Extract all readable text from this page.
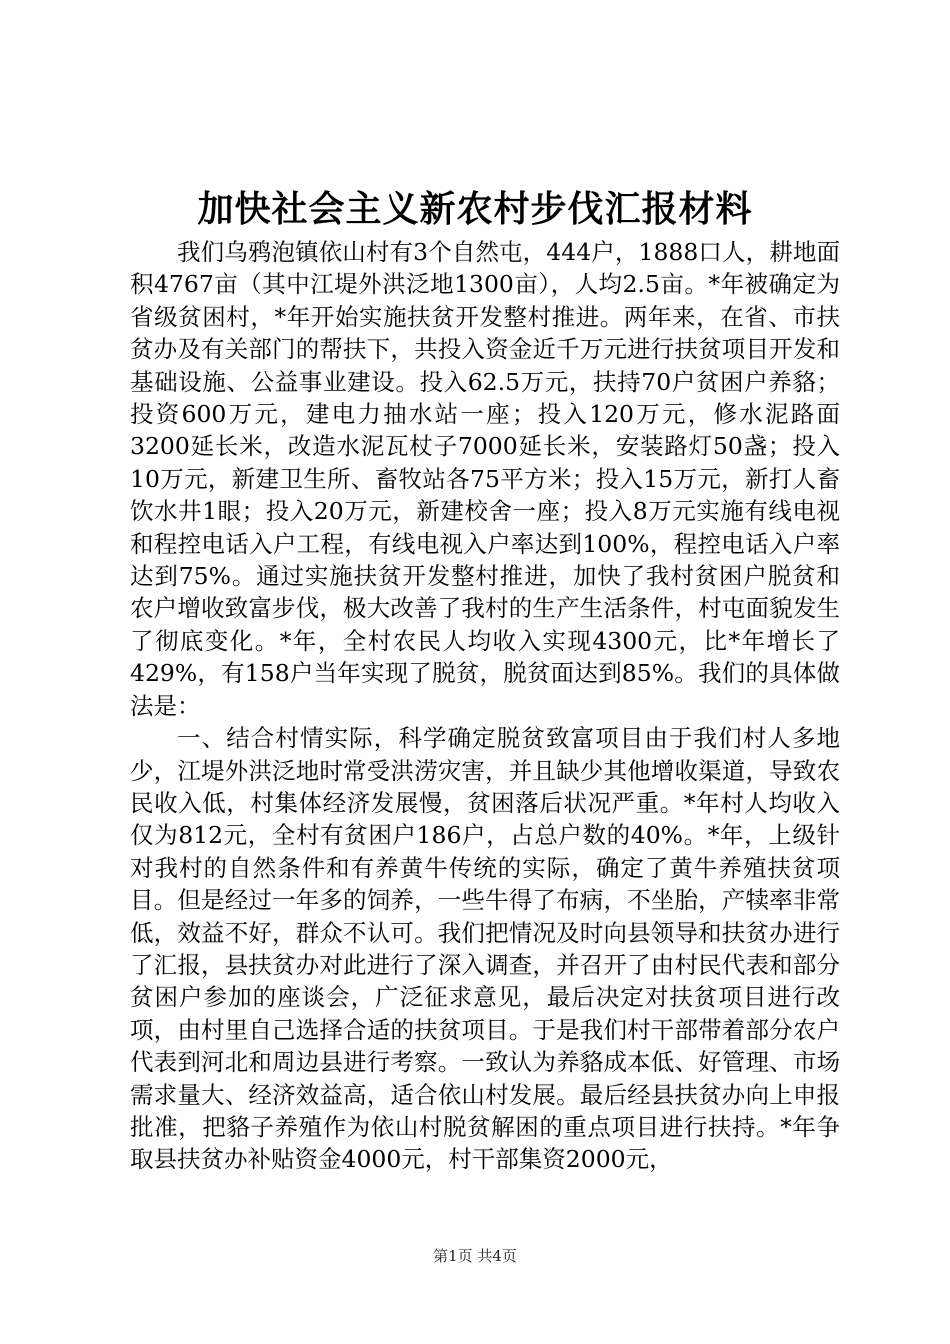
加快社会主义新农村步伐汇报材料

我们乌鸦泡镇依山村有3个自然屯，444户，1888口人，耕地面积4767亩（其中江堤外洪泛地1300亩），人均2.5亩。*年被确定为省级贫困村，*年开始实施扶贫开发整村推进。两年来，在省、市扶贫办及有关部门的帮扶下，共投入资金近千万元进行扶贫项目开发和基础设施、公益事业建设。投入62.5万元，扶持70户贫困户养貉；投资600万元，建电力抽水站一座；投入120万元，修水泥路面3200延长米，改造水泥瓦杖子7000延长米，安装路灯50盏；投入10万元，新建卫生所、畜牧站各75平方米；投入15万元，新打人畜饮水井1眼；投入20万元，新建校舍一座；投入8万元实施有线电视和程控电话入户工程，有线电视入户率达到100%，程控电话入户率达到75%。通过实施扶贫开发整村推进，加快了我村贫困户脱贫和农户增收致富步伐，极大改善了我村的生产生活条件，村屯面貌发生了彻底变化。*年，全村农民人均收入实现4300元，比*年增长了429%，有158户当年实现了脱贫，脱贫面达到85%。我们的具体做法是：

一、结合村情实际，科学确定脱贫致富项目由于我们村人多地少，江堤外洪泛地时常受洪涝灾害，并且缺少其他增收渠道，导致农民收入低，村集体经济发展慢，贫困落后状况严重。*年村人均收入仅为812元，全村有贫困户186户，占总户数的40%。*年，上级针对我村的自然条件和有养黄牛传统的实际，确定了黄牛养殖扶贫项目。但是经过一年多的饲养，一些牛得了布病，不坐胎，产犊率非常低，效益不好，群众不认可。我们把情况及时向县领导和扶贫办进行了汇报，县扶贫办对此进行了深入调查，并召开了由村民代表和部分贫困户参加的座谈会，广泛征求意见，最后决定对扶贫项目进行改项，由村里自己选择合适的扶贫项目。于是我们村干部带着部分农户代表到河北和周边县进行考察。一致认为养貉成本低、好管理、市场需求量大、经济效益高，适合依山村发展。最后经县扶贫办向上申报批准，把貉子养殖作为依山村脱贫解困的重点项目进行扶持。*年争取县扶贫办补贴资金4000元，村干部集资2000元，

第1页 共4页
